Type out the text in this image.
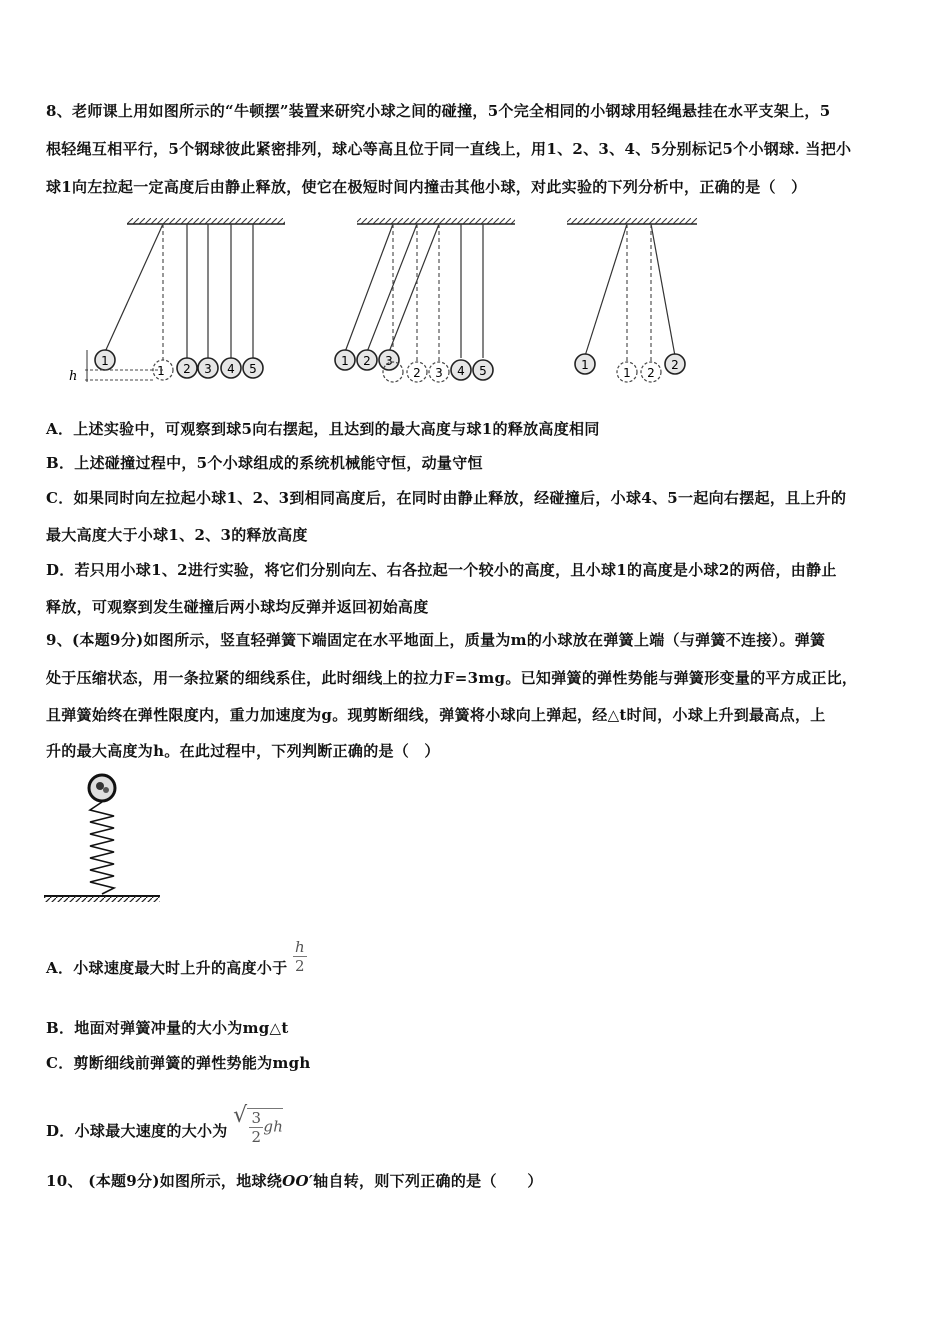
8、老师课上用如图所示的“牛顿摆”装置来研究小球之间的碰撞，5个完全相同的小钢球用轻绳悬挂在水平支架上，5
根轻绳互相平行，5个钢球彼此紧密排列，球心等高且位于同一直线上，用1、2、3、4、5分别标记5个小钢球. 当把小
球1向左拉起一定高度后由静止释放，使它在极短时间内撞击其他小球，对此实验的下列分析中，正确的是（　）
1
1 2 3 4 5
h
1 2 3
2 3 4 5	1
1 2
2
A．上述实验中，可观察到球5向右摆起，且达到的最大高度与球1的释放高度相同
B．上述碰撞过程中，5个小球组成的系统机械能守恒，动量守恒
C．如果同时向左拉起小球1、2、3到相同高度后，在同时由静止释放，经碰撞后，小球4、5一起向右摆起，且上升的
最大高度大于小球1、2、3的释放高度
D．若只用小球1、2进行实验，将它们分别向左、右各拉起一个较小的高度，且小球1的高度是小球2的两倍，由静止
释放，可观察到发生碰撞后两小球均反弹并返回初始高度
9、(本题9分)如图所示，竖直轻弹簧下端固定在水平地面上，质量为m的小球放在弹簧上端（与弹簧不连接）。弹簧
处于压缩状态，用一条拉紧的细线系住，此时细线上的拉力F=3mg。已知弹簧的弹性势能与弹簧形变量的平方成正比，
且弹簧始终在弹性限度内，重力加速度为g。现剪断细线，弹簧将小球向上弹起，经△t时间，小球上升到最高点，上
升的最大高度为h。在此过程中，下列判断正确的是（　）
A．小球速度最大时上升的高度小于 $\frac{h}{2}$
B．地面对弹簧冲量的大小为mg△t
C．剪断细线前弹簧的弹性势能为mgh
D．小球最大速度的大小为 √ $\frac{3}{2}$ gh
10、 (本题9分)如图所示，地球绕OO′轴自转，则下列正确的是（　　）
